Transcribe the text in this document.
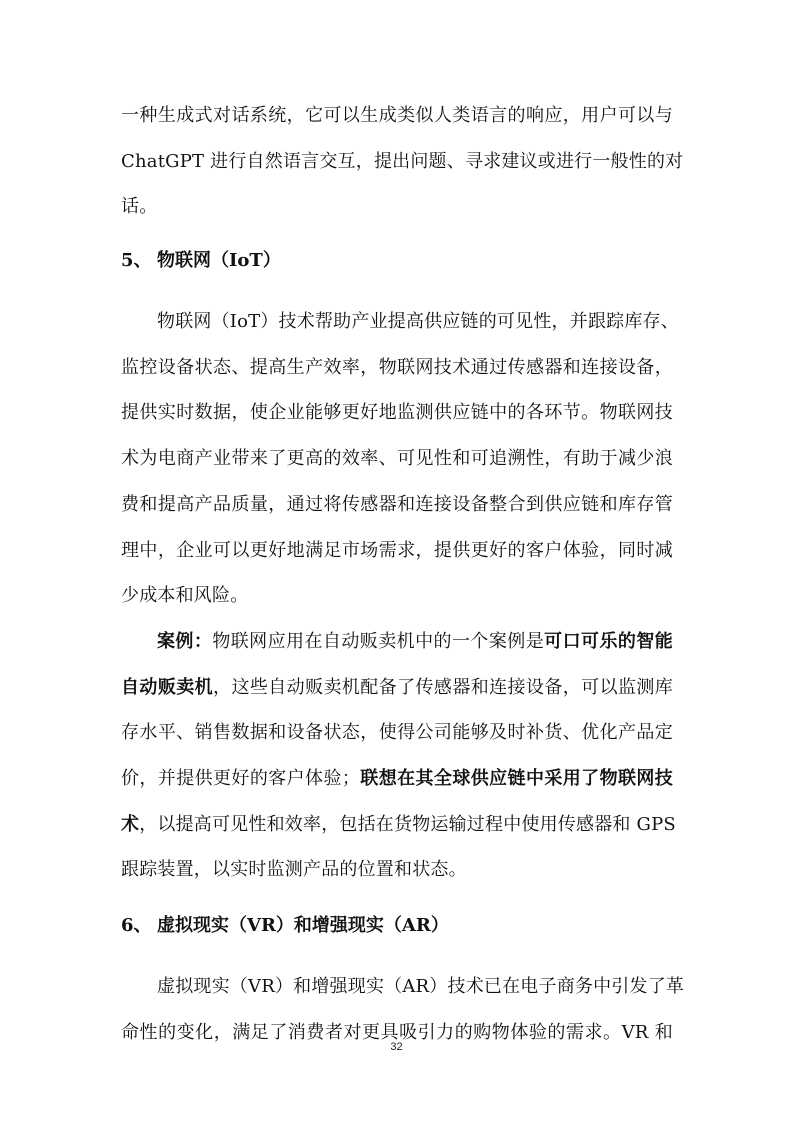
一种生成式对话系统，它可以生成类似人类语言的响应，用户可以与
ChatGPT 进行自然语言交互，提出问题、寻求建议或进行一般性的对
话。
5、 物联网（IoT）
物联网（IoT）技术帮助产业提高供应链的可见性，并跟踪库存、
监控设备状态、提高生产效率，物联网技术通过传感器和连接设备，
提供实时数据，使企业能够更好地监测供应链中的各环节。物联网技
术为电商产业带来了更高的效率、可见性和可追溯性，有助于减少浪
费和提高产品质量，通过将传感器和连接设备整合到供应链和库存管
理中，企业可以更好地满足市场需求，提供更好的客户体验，同时减
少成本和风险。
案例：物联网应用在自动贩卖机中的一个案例是可口可乐的智能
自动贩卖机，这些自动贩卖机配备了传感器和连接设备，可以监测库
存水平、销售数据和设备状态，使得公司能够及时补货、优化产品定
价，并提供更好的客户体验；联想在其全球供应链中采用了物联网技
术，以提高可见性和效率，包括在货物运输过程中使用传感器和 GPS
跟踪装置，以实时监测产品的位置和状态。
6、 虚拟现实（VR）和增强现实（AR）
虚拟现实（VR）和增强现实（AR）技术已在电子商务中引发了革
命性的变化，满足了消费者对更具吸引力的购物体验的需求。VR 和
32
